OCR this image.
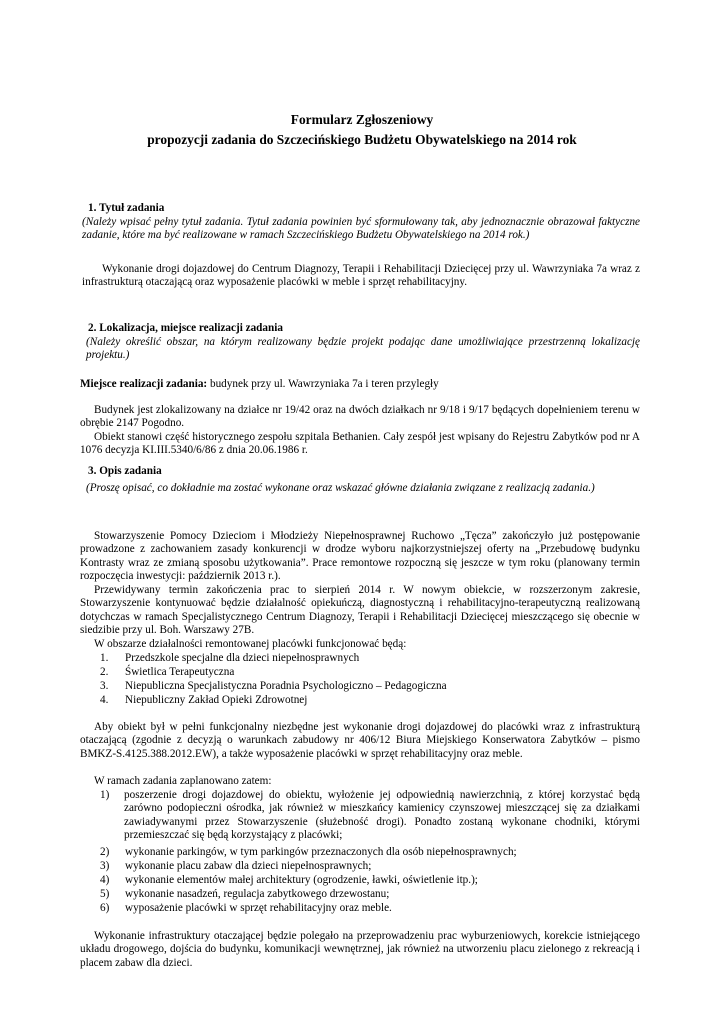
Formularz Zgłoszeniowy
propozycji zadania do Szczecińskiego Budżetu Obywatelskiego na 2014 rok
1. Tytuł zadania
(Należy wpisać pełny tytuł zadania. Tytuł zadania powinien być sformułowany tak, aby jednoznacznie obrazował faktyczne zadanie, które ma być realizowane w ramach Szczecińskiego Budżetu Obywatelskiego na 2014 rok.)
Wykonanie drogi dojazdowej do Centrum Diagnozy, Terapii i Rehabilitacji Dziecięcej przy ul. Wawrzyniaka 7a wraz z infrastrukturą otaczającą oraz wyposażenie placówki w meble i sprzęt rehabilitacyjny.
2. Lokalizacja, miejsce realizacji zadania
(Należy określić obszar, na którym realizowany będzie projekt podając dane umożliwiające przestrzenną lokalizację projektu.)
Miejsce realizacji zadania: budynek przy ul. Wawrzyniaka 7a i teren przyległy
Budynek jest zlokalizowany na działce nr 19/42 oraz na dwóch działkach nr 9/18 i 9/17 będących dopełnieniem terenu w obrębie 2147 Pogodno.
Obiekt stanowi część historycznego zespołu szpitala Bethanien. Cały zespół jest wpisany do Rejestru Zabytków pod nr A 1076 decyzja KI.III.5340/6/86 z dnia 20.06.1986 r.
3. Opis zadania
(Proszę opisać, co dokładnie ma zostać wykonane oraz wskazać główne działania związane z realizacją zadania.)
Stowarzyszenie Pomocy Dzieciom i Młodzieży Niepełnosprawnej Ruchowo „Tęcza” zakończyło już postępowanie prowadzone z zachowaniem zasady konkurencji w drodze wyboru najkorzystniejszej oferty na „Przebudowę budynku Kontrasty wraz ze zmianą sposobu użytkowania”. Prace remontowe rozpoczną się jeszcze w tym roku (planowany termin rozpoczęcia inwestycji: październik 2013 r.).
Przewidywany termin zakończenia prac to sierpień 2014 r. W nowym obiekcie, w rozszerzonym zakresie, Stowarzyszenie kontynuować będzie działalność opiekuńczą, diagnostyczną i rehabilitacyjno-terapeutyczną realizowaną dotychczas w ramach Specjalistycznego Centrum Diagnozy, Terapii i Rehabilitacji Dziecięcej mieszczącego się obecnie w siedzibie przy ul. Boh. Warszawy 27B.
W obszarze działalności remontowanej placówki funkcjonować będą:
1. Przedszkole specjalne dla dzieci niepełnosprawnych
2. Świetlica Terapeutyczna
3. Niepubliczna Specjalistyczna Poradnia Psychologiczno – Pedagogiczna
4. Niepubliczny Zakład Opieki Zdrowotnej
Aby obiekt był w pełni funkcjonalny niezbędne jest wykonanie drogi dojazdowej do placówki wraz z infrastrukturą otaczającą (zgodnie z decyzją o warunkach zabudowy nr 406/12 Biura Miejskiego Konserwatora Zabytków – pismo BMKZ-S.4125.388.2012.EW), a także wyposażenie placówki w sprzęt rehabilitacyjny oraz meble.
W ramach zadania zaplanowano zatem:
1) poszerzenie drogi dojazdowej do obiektu, wyłożenie jej odpowiednią nawierzchnią, z której korzystać będą zarówno podopieczni ośrodka, jak również w mieszkańcy kamienicy czynszowej mieszczącej się za działkami zawiadywanymi przez Stowarzyszenie (służebność drogi). Ponadto zostaną wykonane chodniki, którymi przemieszczać się będą korzystający z placówki;
2) wykonanie parkingów, w tym parkingów przeznaczonych dla osób niepełnosprawnych;
3) wykonanie placu zabaw dla dzieci niepełnosprawnych;
4) wykonanie elementów małej architektury (ogrodzenie, ławki, oświetlenie itp.);
5) wykonanie nasadzeń, regulacja zabytkowego drzewostanu;
6) wyposażenie placówki w sprzęt rehabilitacyjny oraz meble.
Wykonanie infrastruktury otaczającej będzie polegało na przeprowadzeniu prac wyburzeniowych, korekcie istniejącego układu drogowego, dojścia do budynku, komunikacji wewnętrznej, jak również na utworzeniu placu zielonego z rekreacją i placem zabaw dla dzieci.
